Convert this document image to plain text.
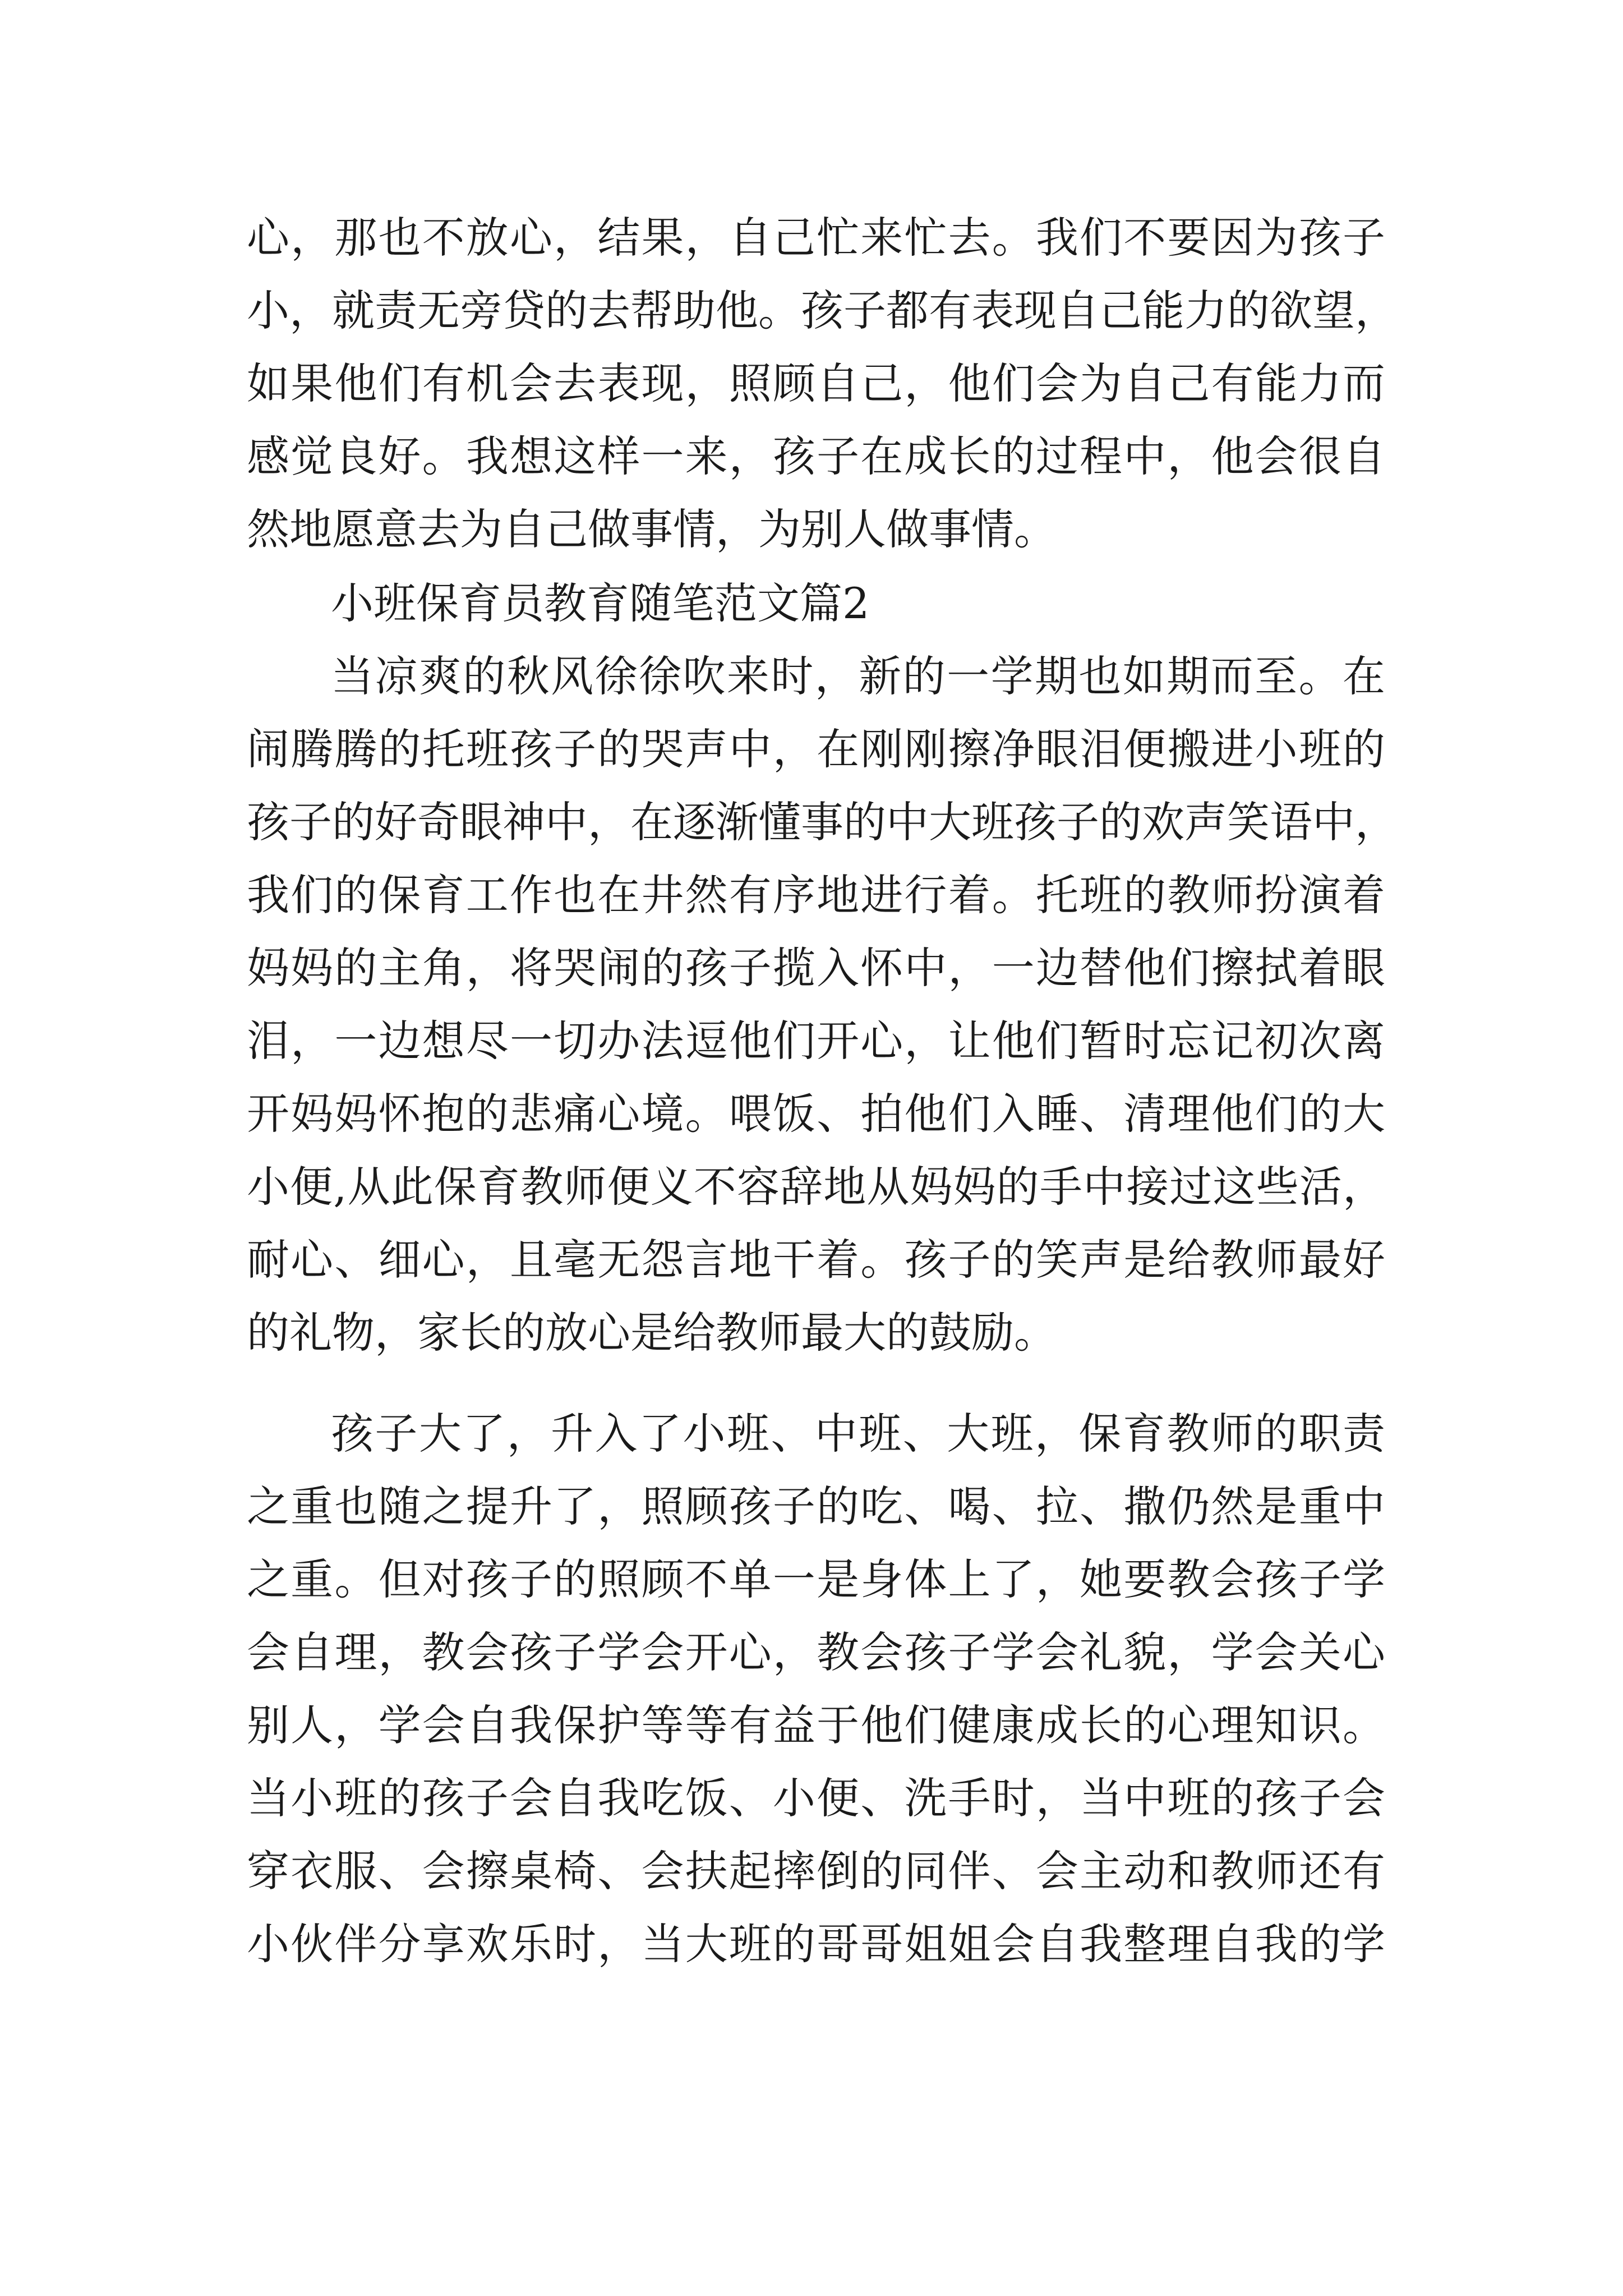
心，那也不放心，结果，自己忙来忙去。我们不要因为孩子
小，就责无旁贷的去帮助他。孩子都有表现自己能力的欲望，
如果他们有机会去表现，照顾自己，他们会为自己有能力而
感觉良好。我想这样一来，孩子在成长的过程中，他会很自
然地愿意去为自己做事情，为别人做事情。
小班保育员教育随笔范文篇2
当凉爽的秋风徐徐吹来时，新的一学期也如期而至。在
闹腾腾的托班孩子的哭声中，在刚刚擦净眼泪便搬进小班的
孩子的好奇眼神中，在逐渐懂事的中大班孩子的欢声笑语中，
我们的保育工作也在井然有序地进行着。托班的教师扮演着
妈妈的主角，将哭闹的孩子揽入怀中，一边替他们擦拭着眼
泪，一边想尽一切办法逗他们开心，让他们暂时忘记初次离
开妈妈怀抱的悲痛心境。喂饭、拍他们入睡、清理他们的大
小便,从此保育教师便义不容辞地从妈妈的手中接过这些活，
耐心、细心，且毫无怨言地干着。孩子的笑声是给教师最好
的礼物，家长的放心是给教师最大的鼓励。
孩子大了，升入了小班、中班、大班，保育教师的职责
之重也随之提升了，照顾孩子的吃、喝、拉、撒仍然是重中
之重。但对孩子的照顾不单一是身体上了，她要教会孩子学
会自理，教会孩子学会开心，教会孩子学会礼貌，学会关心
别人，学会自我保护等等有益于他们健康成长的心理知识。
当小班的孩子会自我吃饭、小便、洗手时，当中班的孩子会
穿衣服、会擦桌椅、会扶起摔倒的同伴、会主动和教师还有
小伙伴分享欢乐时，当大班的哥哥姐姐会自我整理自我的学
